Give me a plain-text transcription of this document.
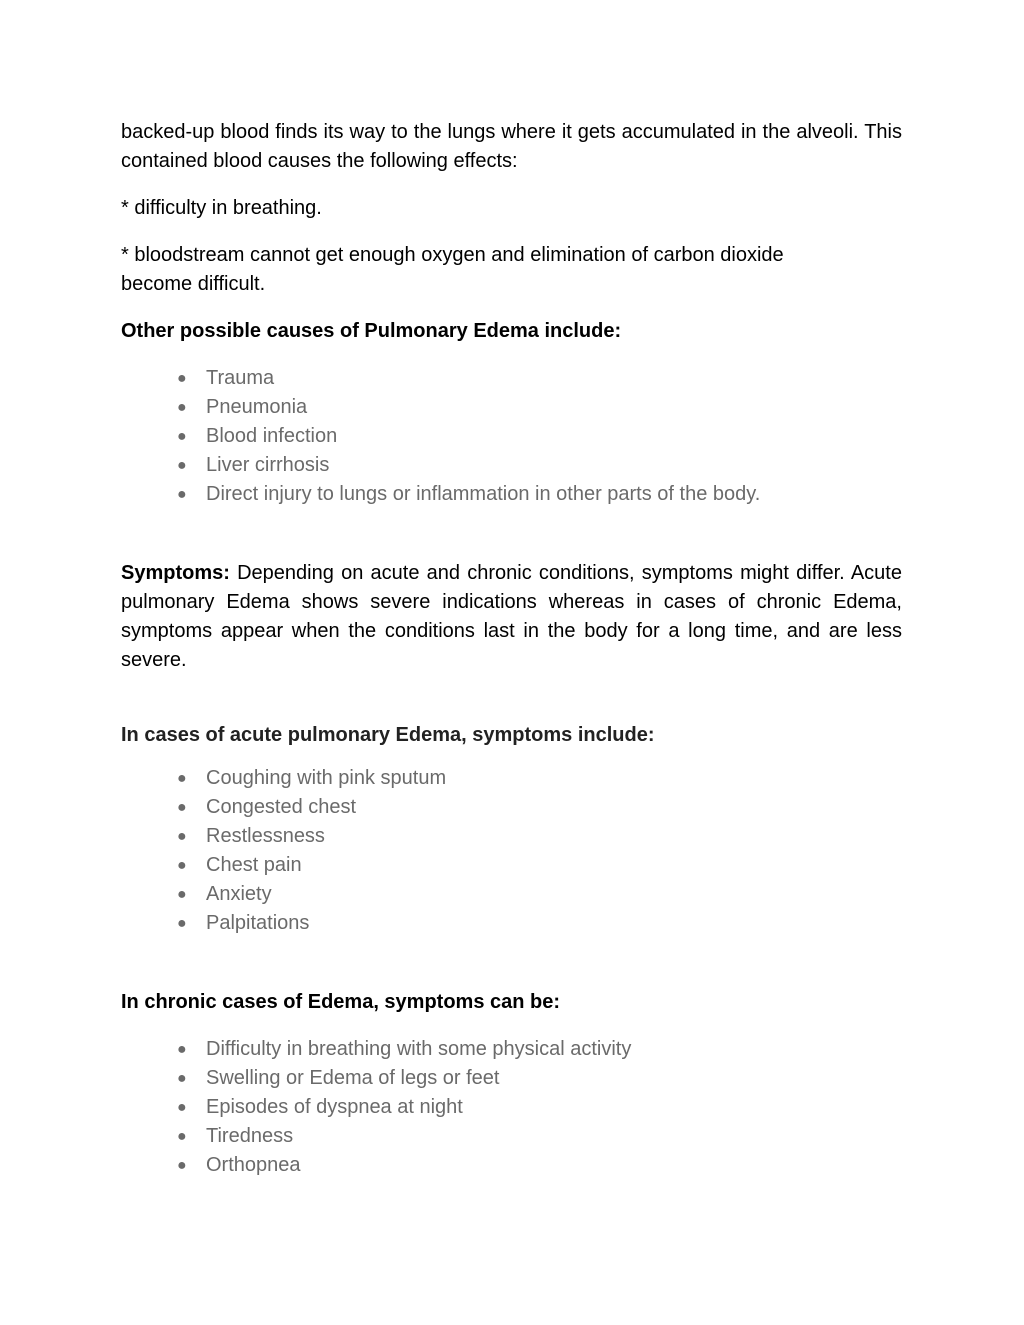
backed-up blood finds its way to the lungs where it gets accumulated in the alveoli. This contained blood causes the following effects:

* difficulty in breathing.

* bloodstream cannot get enough oxygen and elimination of carbon dioxide

become difficult.

Other possible causes of Pulmonary Edema include:

● Trauma
● Pneumonia
● Blood infection
● Liver cirrhosis
● Direct injury to lungs or inflammation in other parts of the body.

Symptoms: Depending on acute and chronic conditions, symptoms might differ. Acute pulmonary Edema shows severe indications whereas in cases of chronic Edema, symptoms appear when the conditions last in the body for a long time, and are less severe.

In cases of acute pulmonary Edema, symptoms include:

● Coughing with pink sputum
● Congested chest
● Restlessness
● Chest pain
● Anxiety
● Palpitations

In chronic cases of Edema, symptoms can be:

● Difficulty in breathing with some physical activity
● Swelling or Edema of legs or feet
● Episodes of dyspnea at night
● Tiredness
● Orthopnea
